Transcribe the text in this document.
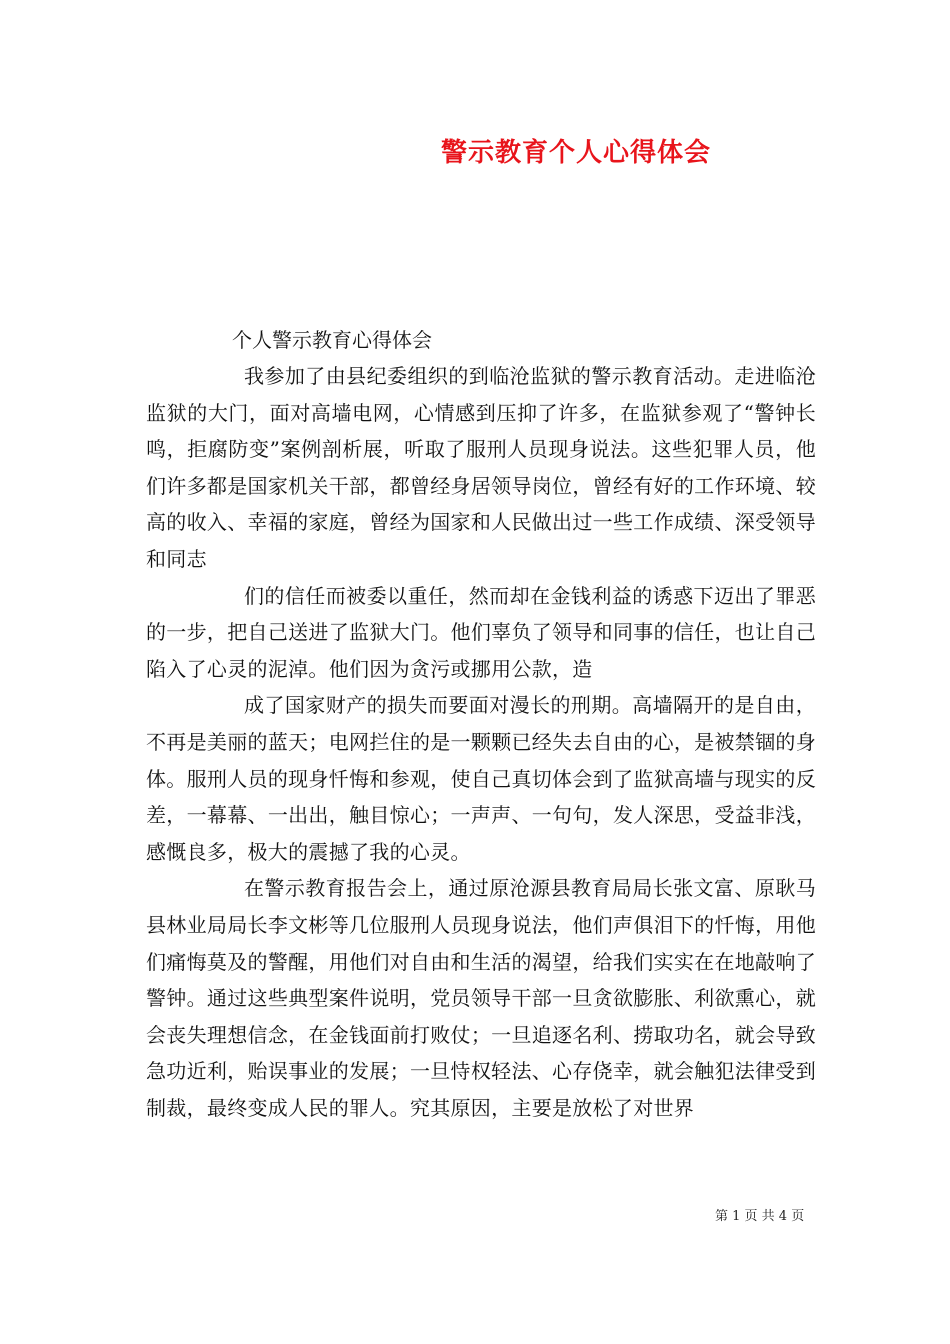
警示教育个人心得体会

个人警示教育心得体会

我参加了由县纪委组织的到临沧监狱的警示教育活动。走进临沧监狱的大门，面对高墙电网，心情感到压抑了许多，在监狱参观了“警钟长鸣，拒腐防变”案例剖析展，听取了服刑人员现身说法。这些犯罪人员，他们许多都是国家机关干部，都曾经身居领导岗位，曾经有好的工作环境、较高的收入、幸福的家庭，曾经为国家和人民做出过一些工作成绩、深受领导和同志

们的信任而被委以重任，然而却在金钱利益的诱惑下迈出了罪恶的一步，把自己送进了监狱大门。他们辜负了领导和同事的信任，也让自己陷入了心灵的泥淖。他们因为贪污或挪用公款，造

成了国家财产的损失而要面对漫长的刑期。高墙隔开的是自由，不再是美丽的蓝天；电网拦住的是一颗颗已经失去自由的心，是被禁锢的身体。服刑人员的现身忏悔和参观，使自己真切体会到了监狱高墙与现实的反差，一幕幕、一出出，触目惊心；一声声、一句句，发人深思，受益非浅，感慨良多，极大的震撼了我的心灵。

在警示教育报告会上，通过原沧源县教育局局长张文富、原耿马县林业局局长李文彬等几位服刑人员现身说法，他们声俱泪下的忏悔，用他们痛悔莫及的警醒，用他们对自由和生活的渴望，给我们实实在在地敲响了警钟。通过这些典型案件说明，党员领导干部一旦贪欲膨胀、利欲熏心，就会丧失理想信念，在金钱面前打败仗；一旦追逐名利、捞取功名，就会导致急功近利，贻误事业的发展；一旦恃权轻法、心存侥幸，就会触犯法律受到制裁，最终变成人民的罪人。究其原因，主要是放松了对世界

第 1 页 共 4 页
